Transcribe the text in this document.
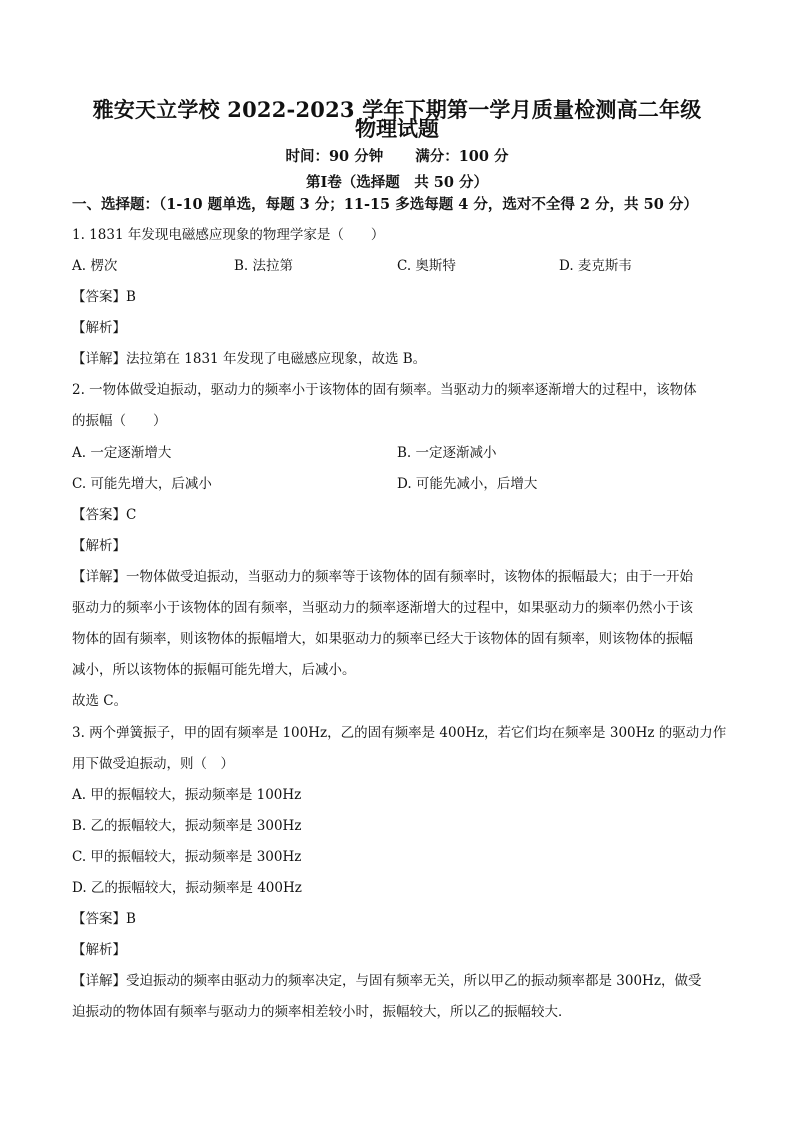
雅安天立学校 2022-2023 学年下期第一学月质量检测高二年级
物理试题
时间：90 分钟 满分：100 分
第Ⅰ卷（选择题　共 50 分）
一、选择题：（1-10 题单选，每题 3 分；11-15 多选每题 4 分，选对不全得 2 分，共 50 分）
1. 1831 年发现电磁感应现象的物理学家是（　　）
A. 楞次	B. 法拉第	C. 奥斯特	D. 麦克斯韦
【答案】B
【解析】
【详解】法拉第在 1831 年发现了电磁感应现象，故选 B。
2. 一物体做受迫振动，驱动力的频率小于该物体的固有频率。当驱动力的频率逐渐增大的过程中，该物体
的振幅（　　）
A. 一定逐渐增大	B. 一定逐渐减小
C. 可能先增大，后减小	D. 可能先减小，后增大
【答案】C
【解析】
【详解】一物体做受迫振动，当驱动力的频率等于该物体的固有频率时，该物体的振幅最大；由于一开始
驱动力的频率小于该物体的固有频率，当驱动力的频率逐渐增大的过程中，如果驱动力的频率仍然小于该
物体的固有频率，则该物体的振幅增大，如果驱动力的频率已经大于该物体的固有频率，则该物体的振幅
减小，所以该物体的振幅可能先增大，后减小。
故选 C。
3. 两个弹簧振子，甲的固有频率是 100Hz，乙的固有频率是 400Hz，若它们均在频率是 300Hz 的驱动力作
用下做受迫振动，则（　）
A. 甲的振幅较大，振动频率是 100Hz
B. 乙的振幅较大，振动频率是 300Hz
C. 甲的振幅较大，振动频率是 300Hz
D. 乙的振幅较大，振动频率是 400Hz
【答案】B
【解析】
【详解】受迫振动的频率由驱动力的频率决定，与固有频率无关，所以甲乙的振动频率都是 300Hz，做受
迫振动的物体固有频率与驱动力的频率相差较小时，振幅较大，所以乙的振幅较大．
